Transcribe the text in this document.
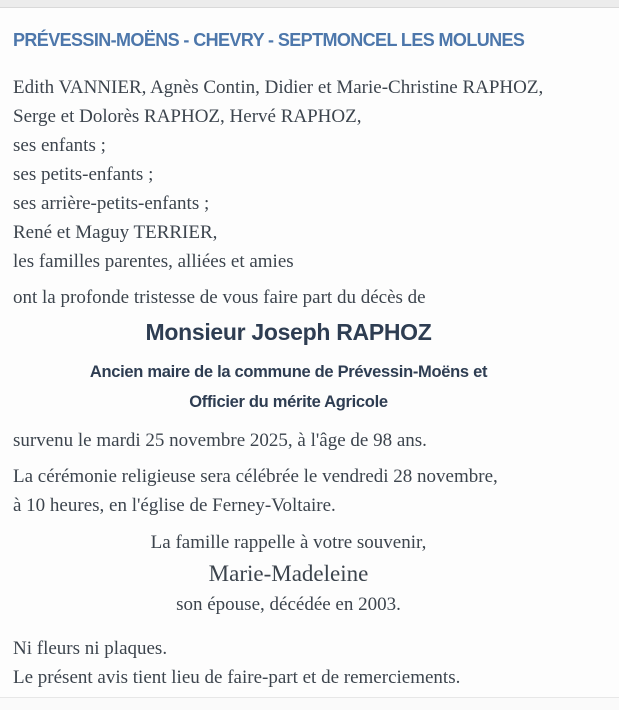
PRÉVESSIN-MOËNS - CHEVRY - SEPTMONCEL LES MOLUNES
Edith VANNIER, Agnès Contin, Didier et Marie-Christine RAPHOZ,
Serge et Dolorès RAPHOZ, Hervé RAPHOZ,
ses enfants ;
ses petits-enfants ;
ses arrière-petits-enfants ;
René et Maguy TERRIER,
les familles parentes, alliées et amies

ont la profonde tristesse de vous faire part du décès de

Monsieur Joseph RAPHOZ
Ancien maire de la commune de Prévessin-Moëns et
Officier du mérite Agricole

survenu le mardi 25 novembre 2025, à l'âge de 98 ans.

La cérémonie religieuse sera célébrée le vendredi 28 novembre,
à 10 heures, en l'église de Ferney-Voltaire.
La famille rappelle à votre souvenir,
Marie-Madeleine
son épouse, décédée en 2003.
Ni fleurs ni plaques.
Le présent avis tient lieu de faire-part et de remerciements.
